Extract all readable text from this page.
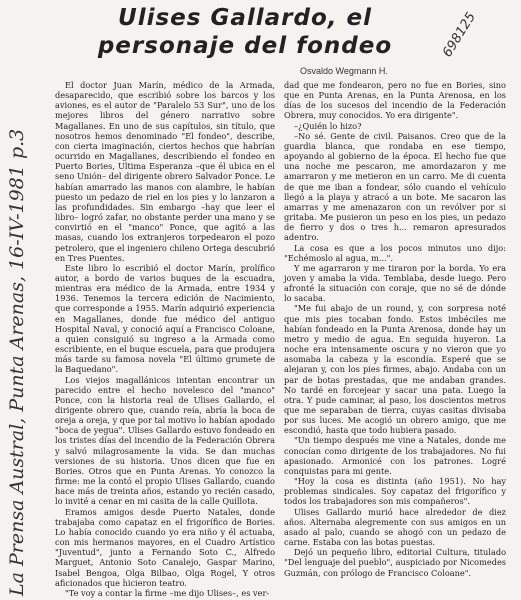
Ulises Gallardo, el
personaje del fondeo	698125
Osvaldo Wegmann H.
La Prensa Austral, Punta Arenas, 16-IV-1981 p.3

El doctor Juan Marín, médico de la Armada, desaparecido, que escribió sobre los barcos y los aviones, es el autor de "Paralelo 53 Sur", uno de los mejores libros del género narrativo sobre Magallanes. En uno de sus capítulos, sin título, que nosotros hemos denominado "El fondeo", describe, con cierta imaginación, ciertos hechos que habrían ocurrido en Magallanes, describiendo el fondeo en Puerto Bories, Ultima Esperanza –que él ubica en el seno Unión– del dirigente obrero Salvador Ponce. Le habían amarrado las manos con alambre, le habían puesto un pedazo de riel en los pies y lo lanzaron a las profundidades. Sin embargo –hay que leer el libro– logró zafar, no obstante perder una mano y se convirtió en el "manco" Ponce, que agitó a las masas, cuando los extranjeros torpedearon el pozo petrolero, que el ingeniero chileno Ortega descubrió en Tres Puentes.

Este libro lo escribió el doctor Marín, prolífico autor, a bordo de varios buques de la escuadra, mientras era médico de la Armada, entre 1934 y 1936. Tenemos la tercera edición de Nacimiento, que corresponde a 1955. Marín adquirió experiencia en Magallanes, donde fue médico del antiguo Hospital Naval, y conoció aquí a Francisco Coloane, a quien consiguió su ingreso a la Armada como escribiente, en el buque escuela, para que produjera más tarde su famosa novela "El último grumete de la Baquedano".

Los viejos magallánicos intentan encontrar un parecido entre el hecho novelesco del "manco" Ponce, con la historia real de Ulises Gallardo, el dirigente obrero que, cuando reía, abría la boca de oreja a oreja, y que por tal motivo lo habían apodado "boca de yegua". Ulises Gallardo estuvo fondeado en los tristes días del incendio de la Federación Obrera y salvó milagrosamente la vida. Se dan muchas versiones de su historia. Unos dicen que fue en Bories. Otros que en Punta Arenas. Yo conozco la firme: me la contó el propio Ulises Gallardo, cuando hace más de treinta años, estando yo recién casado, lo invité a cenar en mi casita de la calle Quillota.

Eramos amigos desde Puerto Natales, donde trabajaba como capataz en el frigorífico de Bories. Lo había conocido cuando yo era niño y él actuaba, con mis hermanos mayores, en el Cuadro Artístico "Juventud", junto a Fernando Soto C., Alfredo Marguet, Antonio Soto Canalejo, Gaspar Marino, Isabel Bengoa, Olga Bilbao, Olga Rogel, Y otros aficionados que hicieron teatro.

"Te voy a contar la firme –me dijo Ulises–, es ver-

dad que me fondearon, pero no fue en Bories, sino que en Punta Arenas, en la Punta Arenosa, en los días de los sucesos del incendio de la Federación Obrera, muy conocidos. Yo era dirigente".

–¿Quién lo hizo?

–No sé. Gente de civil. Paisanos. Creo que de la guardia blanca, que rondaba en ese tiempo, apoyando al gobierno de la época. El hecho fue que una noche me pescaron, me amordazaron y me amarraron y me metieron en un carro. Me di cuenta de que me iban a fondear, sólo cuando el vehículo llegó a la playa y atracó a un bote. Me sacaron las amarras y me amenazaron con un revólver por si gritaba. Me pusieron un peso en los pies, un pedazo de fierro y dos o tres h... remaron apresurados adentro.

La cosa es que a los pocos minutos uno dijo: "Echémoslo al agua, m...".

Y me agarraron y me tiraron por la borda. Yo era joven y amaba la vida. Temblaba, desde luego. Pero afronté la situación con coraje, que no sé de dónde lo sacaba.

"Me fui abajo de un round, y, con sorpresa noté que mis pies tocaban fondo. Estos imbéciles me habían fondeado en la Punta Arenosa, donde hay un metro y medio de agua. En seguida huyeron. La noche era intensamente oscura y no vieron que yo asomaba la cabeza y la escondía. Esperé que se alejaran y, con los pies firmes, abajo. Andaba con un par de botas prestadas, que me andaban grandes. No tardé en forcejear y sacar una pata. Luego la otra. Y pude caminar, al paso, los doscientos metros que me separaban de tierra, cuyas casitas divisaba por sus luces. Me acogió un obrero amigo, que me escondió, hasta que todo hubiera pasado.

"Un tiempo después me vine a Natales, donde me conocían como dirigente de los trabajadores. No fui apasionado. Armonicé con los patrones. Logré conquistas para mi gente.

"Hoy la cosa es distinta (año 1951). No hay problemas sindicales. Soy capataz del frigorífico y todos los trabajadores son mis compañeros".

Ulises Gallardo murió hace alrededor de diez años. Alternaba alegremente con sus amigos en un asado al palo, cuando se ahogó con un pedazo de carne. Estaba con las botas puestas.

Dejó un pequeño libro, editorial Cultura, titulado "Del lenguaje del pueblo", auspiciado por Nicomedes Guzmán, con prólogo de Francisco Coloane".
